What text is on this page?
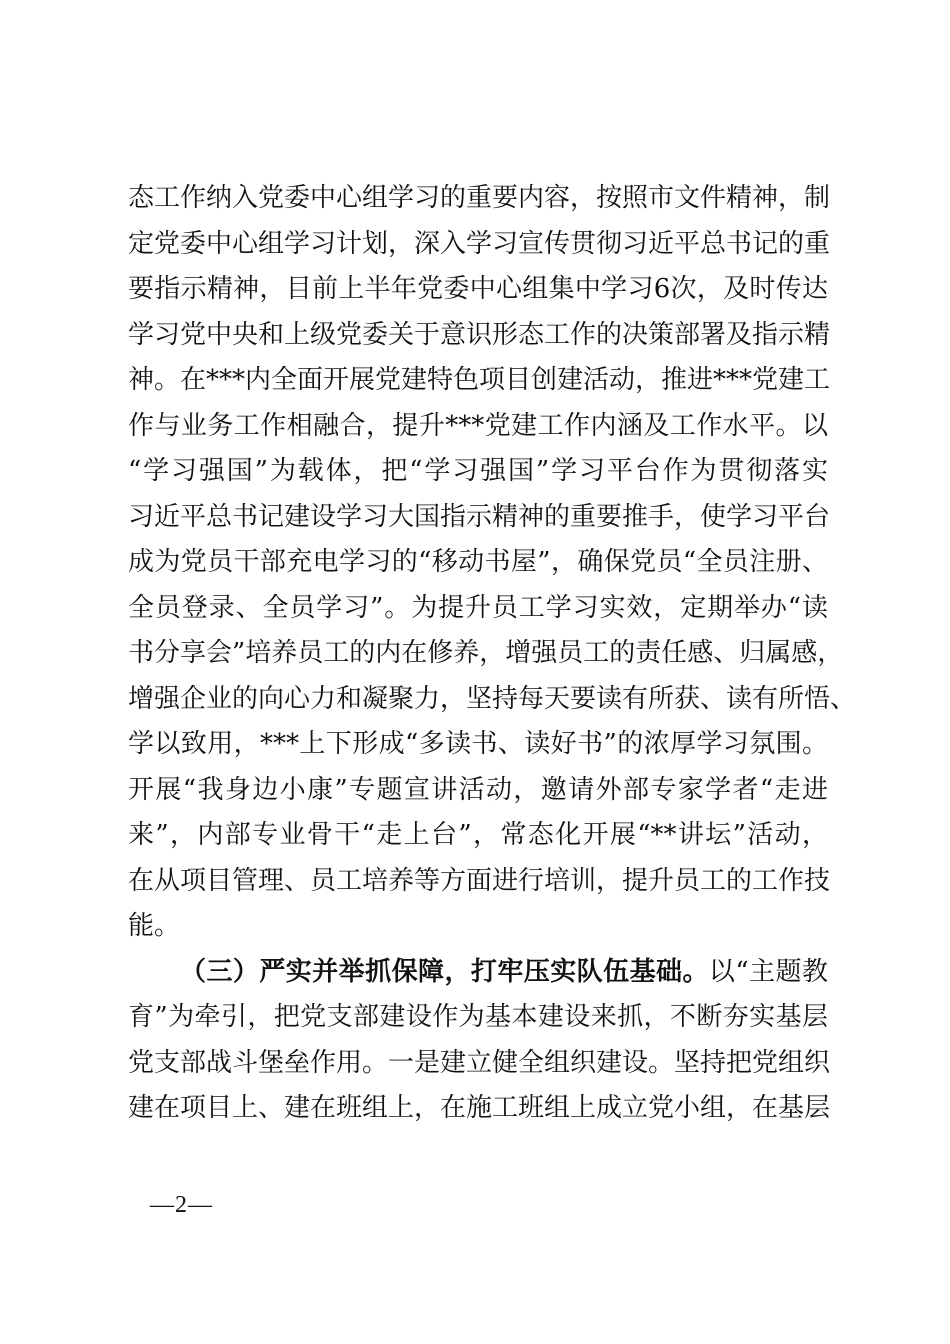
态工作纳入党委中心组学习的重要内容，按照市文件精神，制
定党委中心组学习计划，深入学习宣传贯彻习近平总书记的重
要指示精神，目前上半年党委中心组集中学习6次，及时传达
学习党中央和上级党委关于意识形态工作的决策部署及指示精
神。在***内全面开展党建特色项目创建活动，推进***党建工
作与业务工作相融合，提升***党建工作内涵及工作水平。以
“学习强国”为载体，把“学习强国”学习平台作为贯彻落实
习近平总书记建设学习大国指示精神的重要推手，使学习平台
成为党员干部充电学习的“移动书屋”，确保党员“全员注册、
全员登录、全员学习”。为提升员工学习实效，定期举办“读
书分享会”培养员工的内在修养，增强员工的责任感、归属感，
增强企业的向心力和凝聚力，坚持每天要读有所获、读有所悟、
学以致用，***上下形成“多读书、读好书”的浓厚学习氛围。
开展“我身边小康”专题宣讲活动，邀请外部专家学者“走进
来”，内部专业骨干“走上台”，常态化开展“**讲坛”活动，
在从项目管理、员工培养等方面进行培训，提升员工的工作技
能。
（三）严实并举抓保障，打牢压实队伍基础。以“主题教
育”为牵引，把党支部建设作为基本建设来抓，不断夯实基层
党支部战斗堡垒作用。一是建立健全组织建设。坚持把党组织
建在项目上、建在班组上，在施工班组上成立党小组，在基层
—2—
